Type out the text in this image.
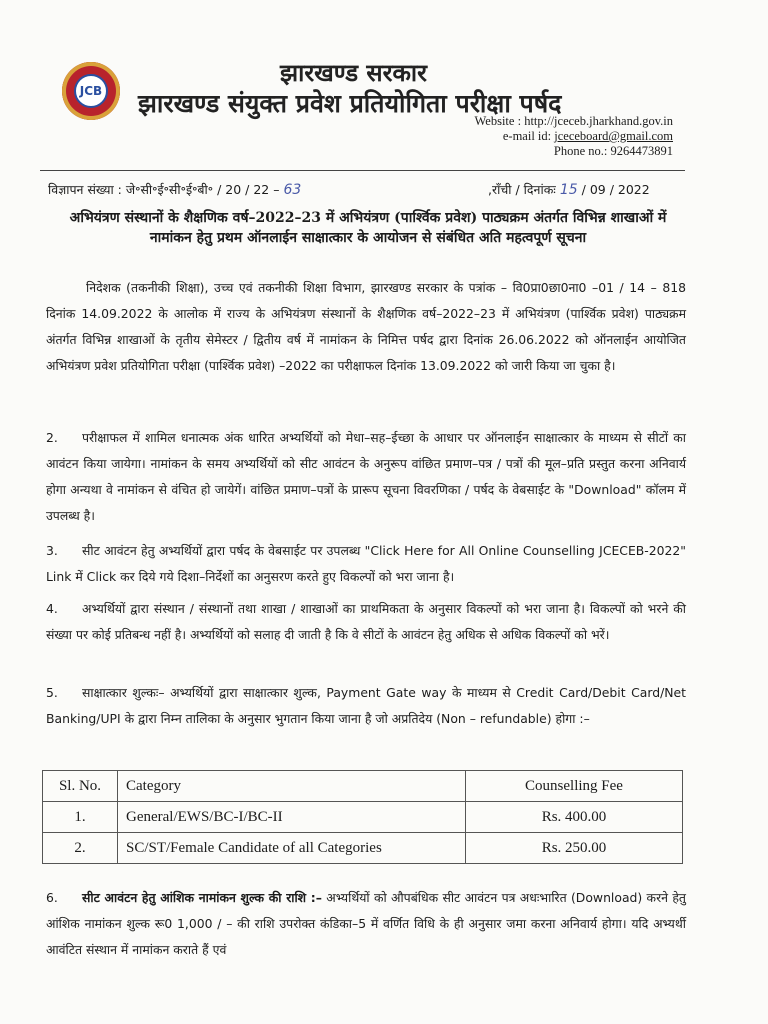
JCB
झारखण्ड सरकार
झारखण्ड संयुक्त प्रवेश प्रतियोगिता परीक्षा पर्षद
Website : http://jceceb.jharkhand.gov.in
e-mail id: jceceboard@gmail.com
Phone no.: 9264473891
विज्ञापन संख्या : जे॰सी॰ई॰सी॰ई॰बी॰ / 20 / 22 – 63	,राँची / दिनांकः 15 / 09 / 2022
अभियंत्रण संस्थानों के शैक्षणिक वर्ष–2022–23 में अभियंत्रण (पार्श्विक प्रवेश) पाठ्यक्रम अंतर्गत विभिन्न शाखाओं में नामांकन हेतु प्रथम ऑनलाईन साक्षात्कार के आयोजन से संबंधित अति महत्वपूर्ण सूचना
निदेशक (तकनीकी शिक्षा), उच्च एवं तकनीकी शिक्षा विभाग, झारखण्ड सरकार के पत्रांक – वि0प्रा0छा0ना0 –01 / 14 – 818 दिनांक 14.09.2022 के आलोक में राज्य के अभियंत्रण संस्थानों के शैक्षणिक वर्ष–2022–23 में अभियंत्रण (पार्श्विक प्रवेश) पाठ्यक्रम अंतर्गत विभिन्न शाखाओं के तृतीय सेमेस्टर / द्वितीय वर्ष में नामांकन के निमित्त पर्षद द्वारा दिनांक 26.06.2022 को ऑनलाईन आयोजित अभियंत्रण प्रवेश प्रतियोगिता परीक्षा (पार्श्विक प्रवेश) –2022 का परीक्षाफल दिनांक 13.09.2022 को जारी किया जा चुका है।
2. परीक्षाफल में शामिल धनात्मक अंक धारित अभ्यर्थियों को मेधा–सह–ईच्छा के आधार पर ऑनलाईन साक्षात्कार के माध्यम से सीटों का आवंटन किया जायेगा। नामांकन के समय अभ्यर्थियों को सीट आवंटन के अनुरूप वांछित प्रमाण–पत्र / पत्रों की मूल–प्रति प्रस्तुत करना अनिवार्य होगा अन्यथा वे नामांकन से वंचित हो जायेगें। वांछित प्रमाण–पत्रों के प्रारूप सूचना विवरणिका / पर्षद के वेबसाईट के "Download" कॉलम में उपलब्ध है।
3. सीट आवंटन हेतु अभ्यर्थियों द्वारा पर्षद के वेबसाईट पर उपलब्ध "Click Here for All Online Counselling JCECEB-2022" Link में Click कर दिये गये दिशा–निर्देशों का अनुसरण करते हुए विकल्पों को भरा जाना है।
4. अभ्यर्थियों द्वारा संस्थान / संस्थानों तथा शाखा / शाखाओं का प्राथमिकता के अनुसार विकल्पों को भरा जाना है। विकल्पों को भरने की संख्या पर कोई प्रतिबन्ध नहीं है। अभ्यर्थियों को सलाह दी जाती है कि वे सीटों के आवंटन हेतु अधिक से अधिक विकल्पों को भरें।
5. साक्षात्कार शुल्कः– अभ्यर्थियों द्वारा साक्षात्कार शुल्क, Payment Gate way के माध्यम से Credit Card/Debit Card/Net Banking/UPI के द्वारा निम्न तालिका के अनुसार भुगतान किया जाना है जो अप्रतिदेय (Non – refundable) होगा :–
Sl. No.	Category	Counselling Fee
1.	General/EWS/BC-I/BC-II	Rs. 400.00
2.	SC/ST/Female Candidate of all Categories	Rs. 250.00
6. सीट आवंटन हेतु आंशिक नामांकन शुल्क की राशि :– अभ्यर्थियों को औपबंधिक सीट आवंटन पत्र अधःभारित (Download) करने हेतु आंशिक नामांकन शुल्क रू0 1,000 / – की राशि उपरोक्त कंडिका–5 में वर्णित विधि के ही अनुसार जमा करना अनिवार्य होगा। यदि अभ्यर्थी आवंटित संस्थान में नामांकन कराते हैं एवं
